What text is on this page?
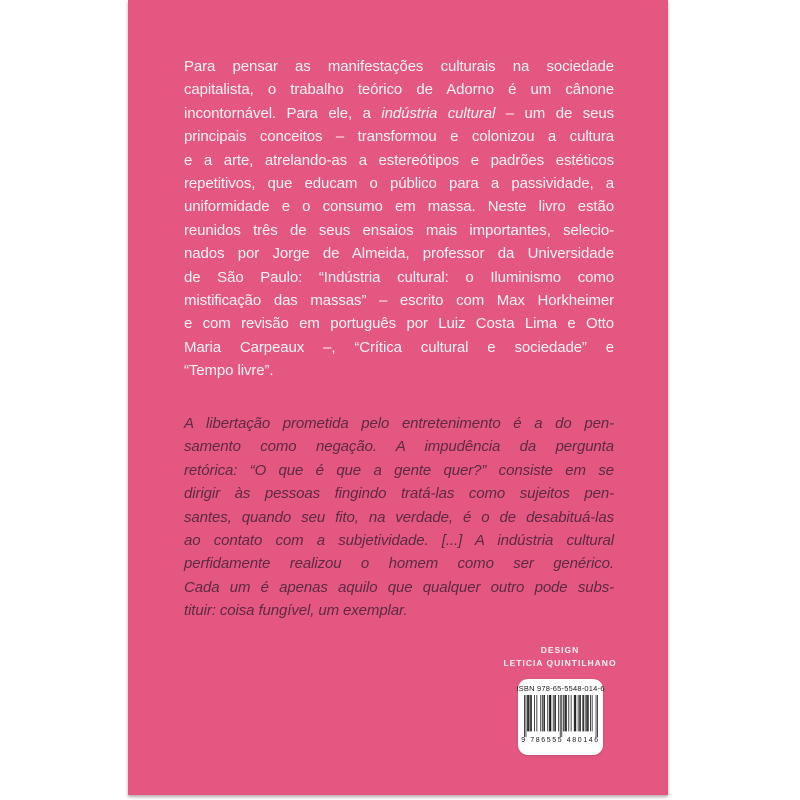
Para pensar as manifestações culturais na sociedade
capitalista, o trabalho teórico de Adorno é um cânone
incontornável. Para ele, a indústria cultural – um de seus
principais conceitos – transformou e colonizou a cultura
e a arte, atrelando-as a estereótipos e padrões estéticos
repetitivos, que educam o público para a passividade, a
uniformidade e o consumo em massa. Neste livro estão
reunidos três de seus ensaios mais importantes, selecio-
nados por Jorge de Almeida, professor da Universidade
de São Paulo: “Indústria cultural: o Iluminismo como
mistificação das massas” – escrito com Max Horkheimer
e com revisão em português por Luiz Costa Lima e Otto
Maria Carpeaux –, “Crítica cultural e sociedade” e
“Tempo livre”.
A libertação prometida pelo entretenimento é a do pen-
samento como negação. A impudência da pergunta
retórica: “O que é que a gente quer?” consiste em se
dirigir às pessoas fingindo tratá-las como sujeitos pen-
santes, quando seu fito, na verdade, é o de desabituá-las
ao contato com a subjetividade. [...] A indústria cultural
perfidamente realizou o homem como ser genérico.
Cada um é apenas aquilo que qualquer outro pode subs-
tituir: coisa fungível, um exemplar.
DESIGN
LETICIA QUINTILHANO
ISBN 978-65-5548-014-6
9 786555 480146
